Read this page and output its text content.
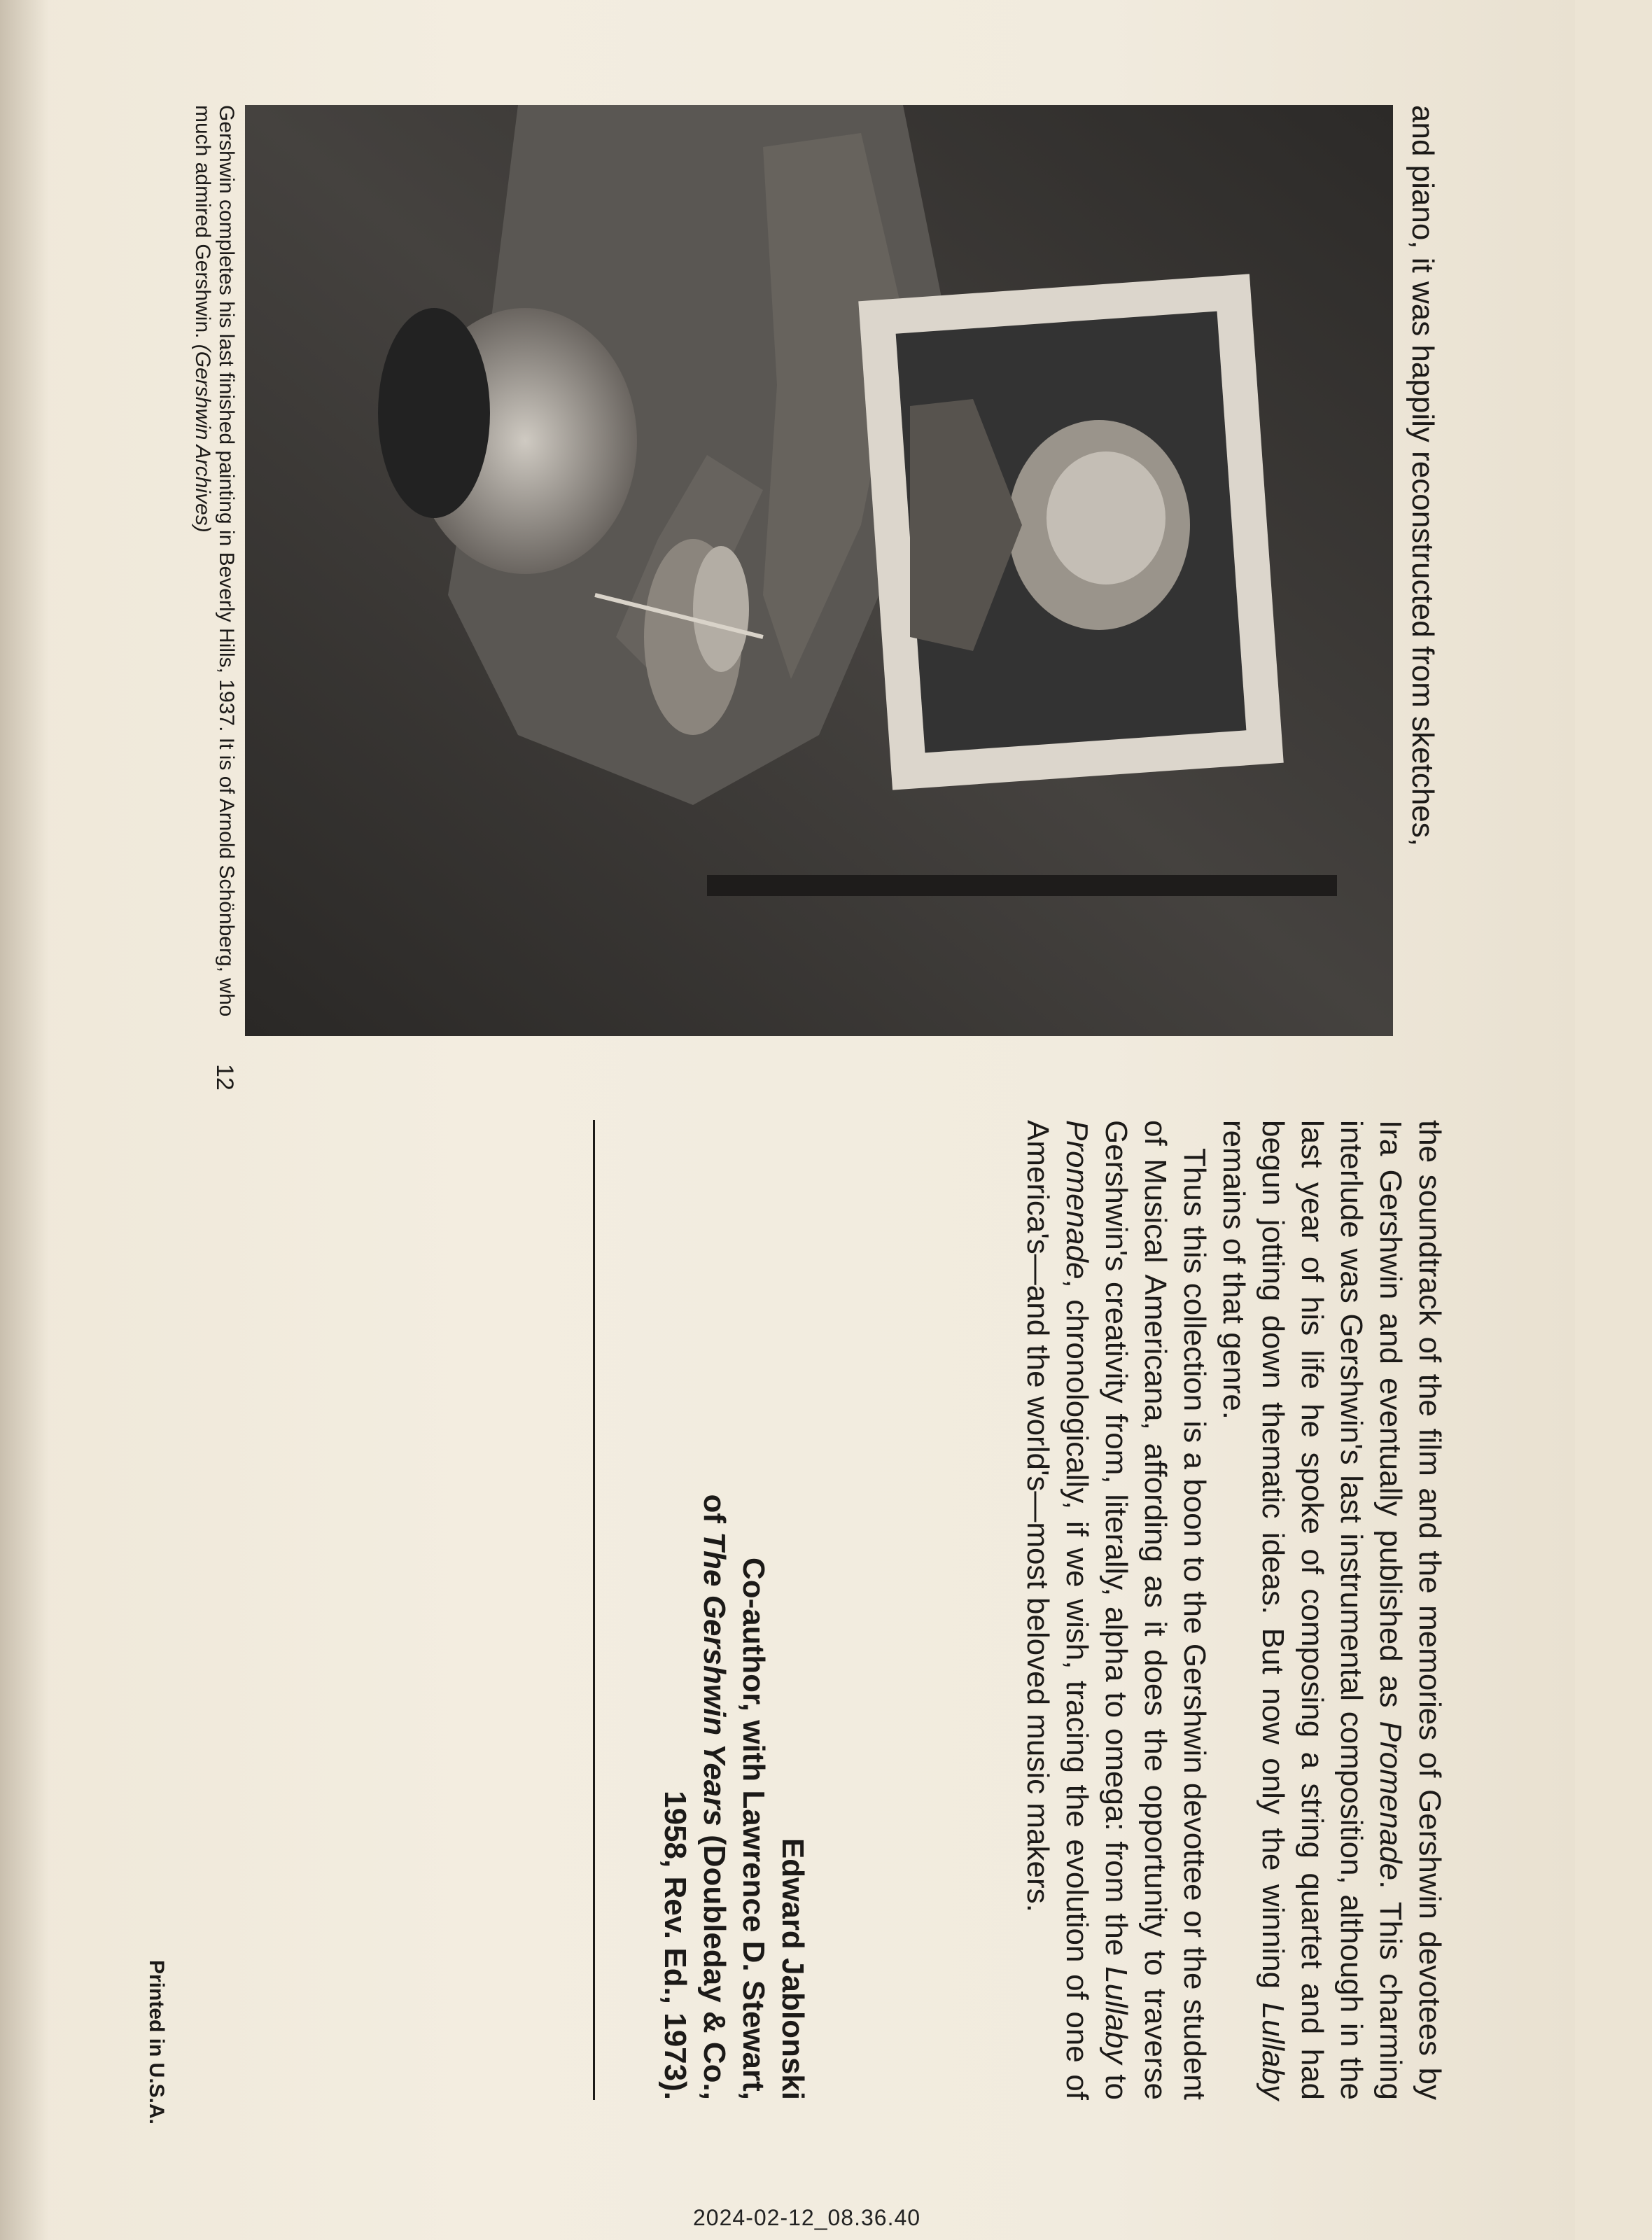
and piano, it was happily reconstructed from sketches,
Gershwin completes his last finished painting in Beverly Hills, 1937. It is of Arnold Schönberg, who much admired Gershwin. (Gershwin Archives)
12

the soundtrack of the film and the memories of Gershwin devotees by Ira Gershwin and eventually published as Promenade. This charming interlude was Gershwin's last instrumental composition, although in the last year of his life he spoke of composing a string quartet and had begun jotting down thematic ideas. But now only the winning Lullaby remains of that genre.

Thus this collection is a boon to the Gershwin devottee or the student of Musical Americana, affording as it does the opportunity to traverse Gershwin's creativity from, literally, alpha to omega: from the Lullaby to Promenade, chronologically, if we wish, tracing the evolution of one of America's—and the world's—most beloved music makers.

Edward Jablonski
Co-author, with Lawrence D. Stewart,
of The Gershwin Years (Doubleday & Co.,
1958, Rev. Ed., 1973).
Printed in U.S.A.
2024-02-12_08.36.40
